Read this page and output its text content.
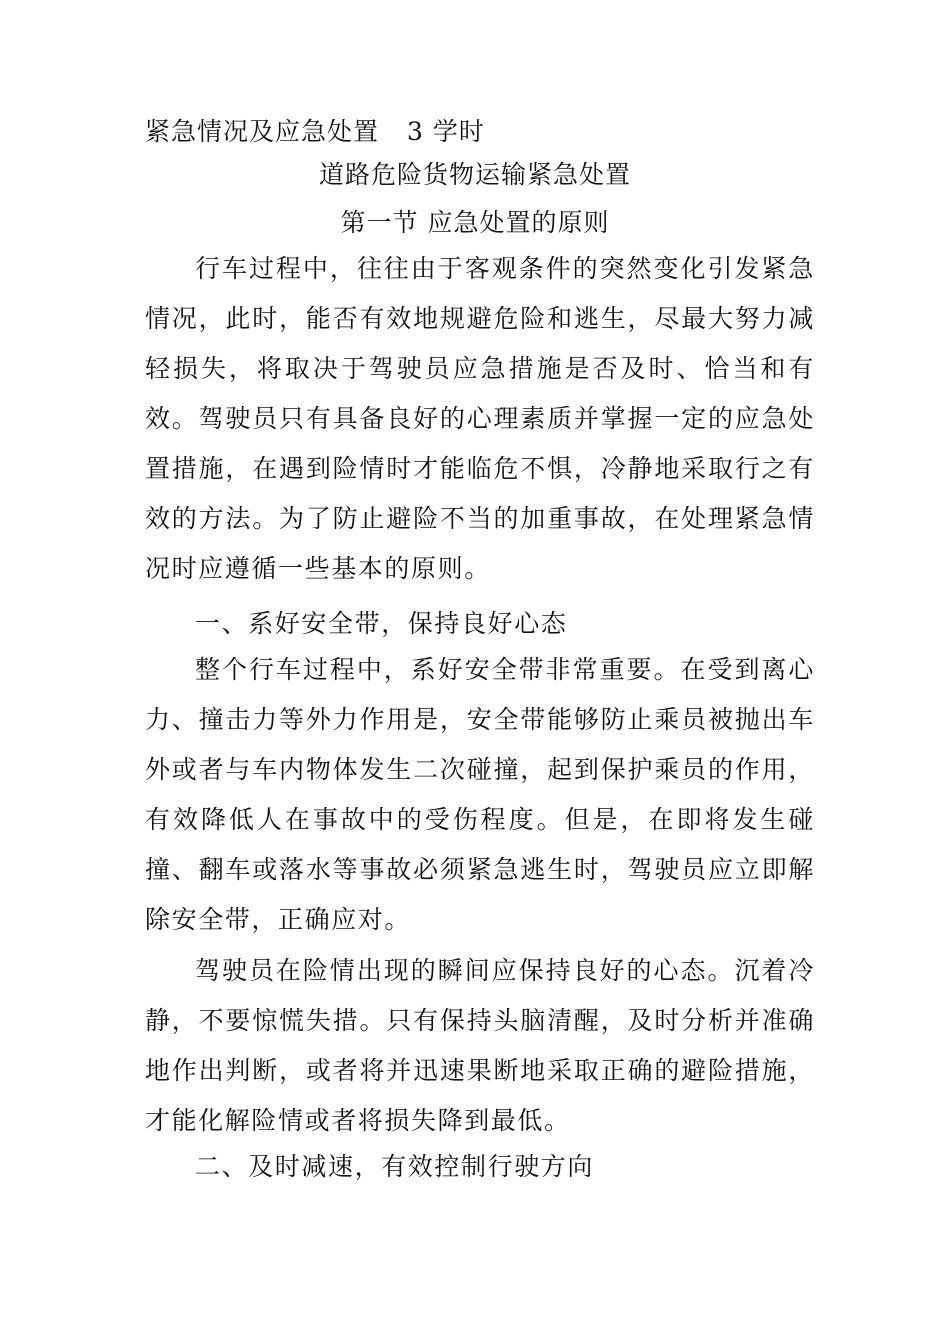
紧急情况及应急处置 3 学时
道路危险货物运输紧急处置
第一节 应急处置的原则

行车过程中，往往由于客观条件的突然变化引发紧急情况，此时，能否有效地规避危险和逃生，尽最大努力减轻损失，将取决于驾驶员应急措施是否及时、恰当和有效。驾驶员只有具备良好的心理素质并掌握一定的应急处置措施，在遇到险情时才能临危不惧，冷静地采取行之有效的方法。为了防止避险不当的加重事故，在处理紧急情况时应遵循一些基本的原则。

一、系好安全带，保持良好心态

整个行车过程中，系好安全带非常重要。在受到离心力、撞击力等外力作用是，安全带能够防止乘员被抛出车外或者与车内物体发生二次碰撞，起到保护乘员的作用，有效降低人在事故中的受伤程度。但是，在即将发生碰撞、翻车或落水等事故必须紧急逃生时，驾驶员应立即解除安全带，正确应对。

驾驶员在险情出现的瞬间应保持良好的心态。沉着冷静，不要惊慌失措。只有保持头脑清醒，及时分析并准确地作出判断，或者将并迅速果断地采取正确的避险措施，才能化解险情或者将损失降到最低。

二、及时减速，有效控制行驶方向
